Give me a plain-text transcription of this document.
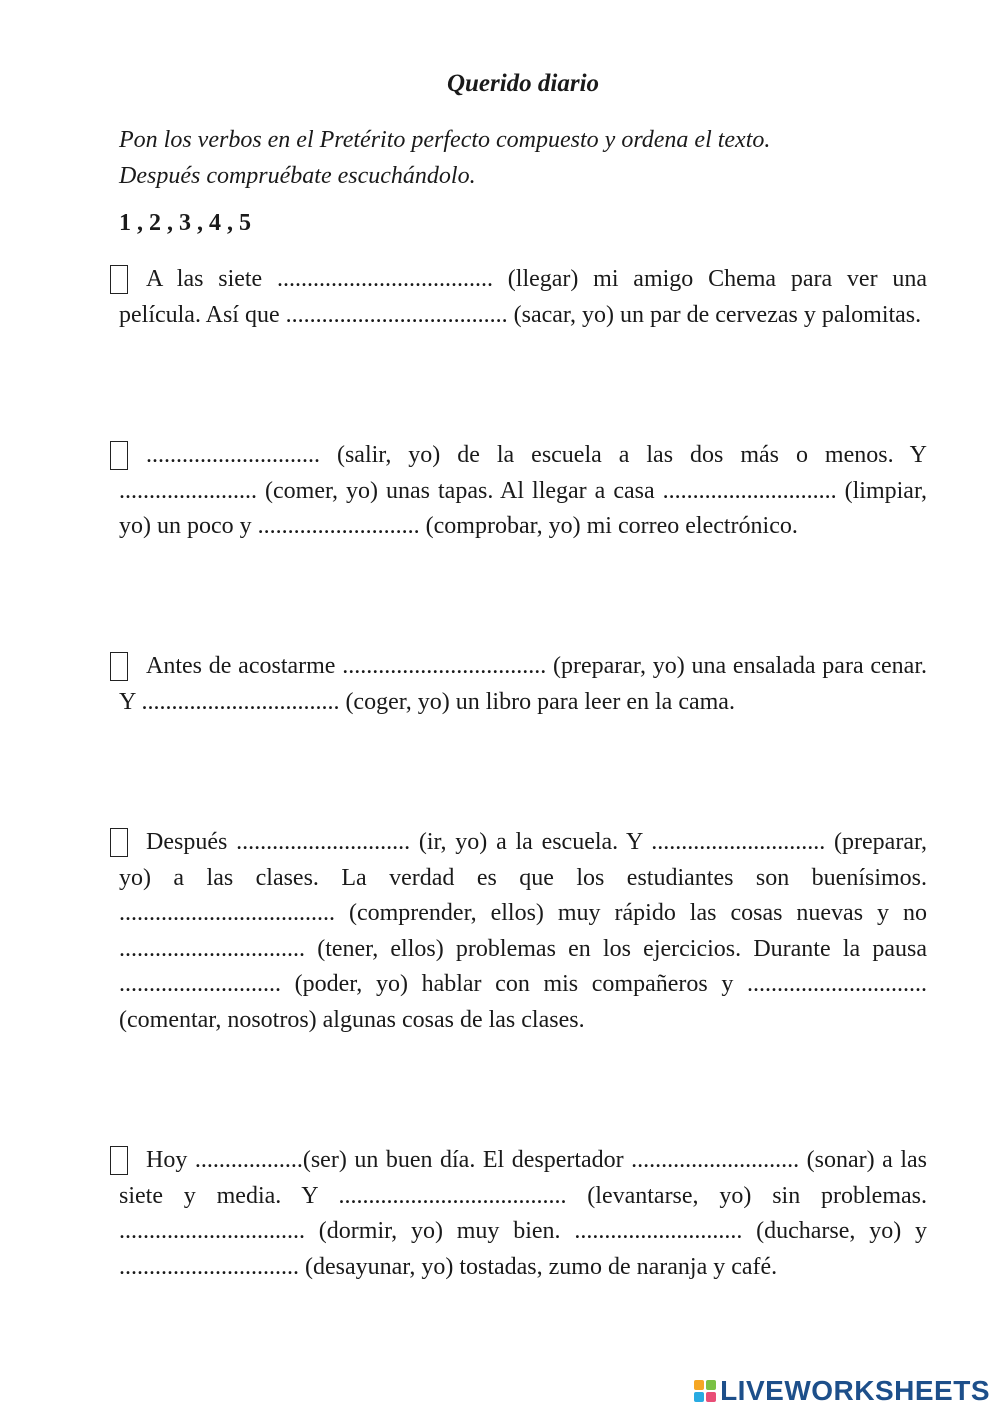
Querido diario

Pon los verbos en el Pretérito perfecto compuesto y ordena el texto.

Después compruébate escuchándolo.

1 , 2 , 3 , 4 , 5
A las siete .................................... (llegar) mi amigo Chema para ver una película. Así que ..................................... (sacar, yo) un par de cervezas y palomitas.
............................. (salir, yo) de la escuela a las dos más o menos. Y ....................... (comer, yo) unas tapas. Al llegar a casa ............................. (limpiar, yo) un poco y ........................... (comprobar, yo) mi correo electrónico.
Antes de acostarme .................................. (preparar, yo) una ensalada para cenar. Y ................................. (coger, yo) un libro para leer en la cama.
Después ............................. (ir, yo) a la escuela. Y ............................. (preparar, yo) a las clases. La verdad es que los estudiantes son buenísimos. .................................... (comprender, ellos) muy rápido las cosas nuevas y no ............................... (tener, ellos) problemas en los ejercicios. Durante la pausa ........................... (poder, yo) hablar con mis compañeros y .............................. (comentar, nosotros) algunas cosas de las clases.
Hoy ..................(ser) un buen día. El despertador ............................ (sonar) a las siete y media. Y ...................................... (levantarse, yo) sin problemas. ............................... (dormir, yo) muy bien. ............................ (ducharse, yo) y .............................. (desayunar, yo) tostadas, zumo de naranja y café.
LIVEWORKSHEETS
